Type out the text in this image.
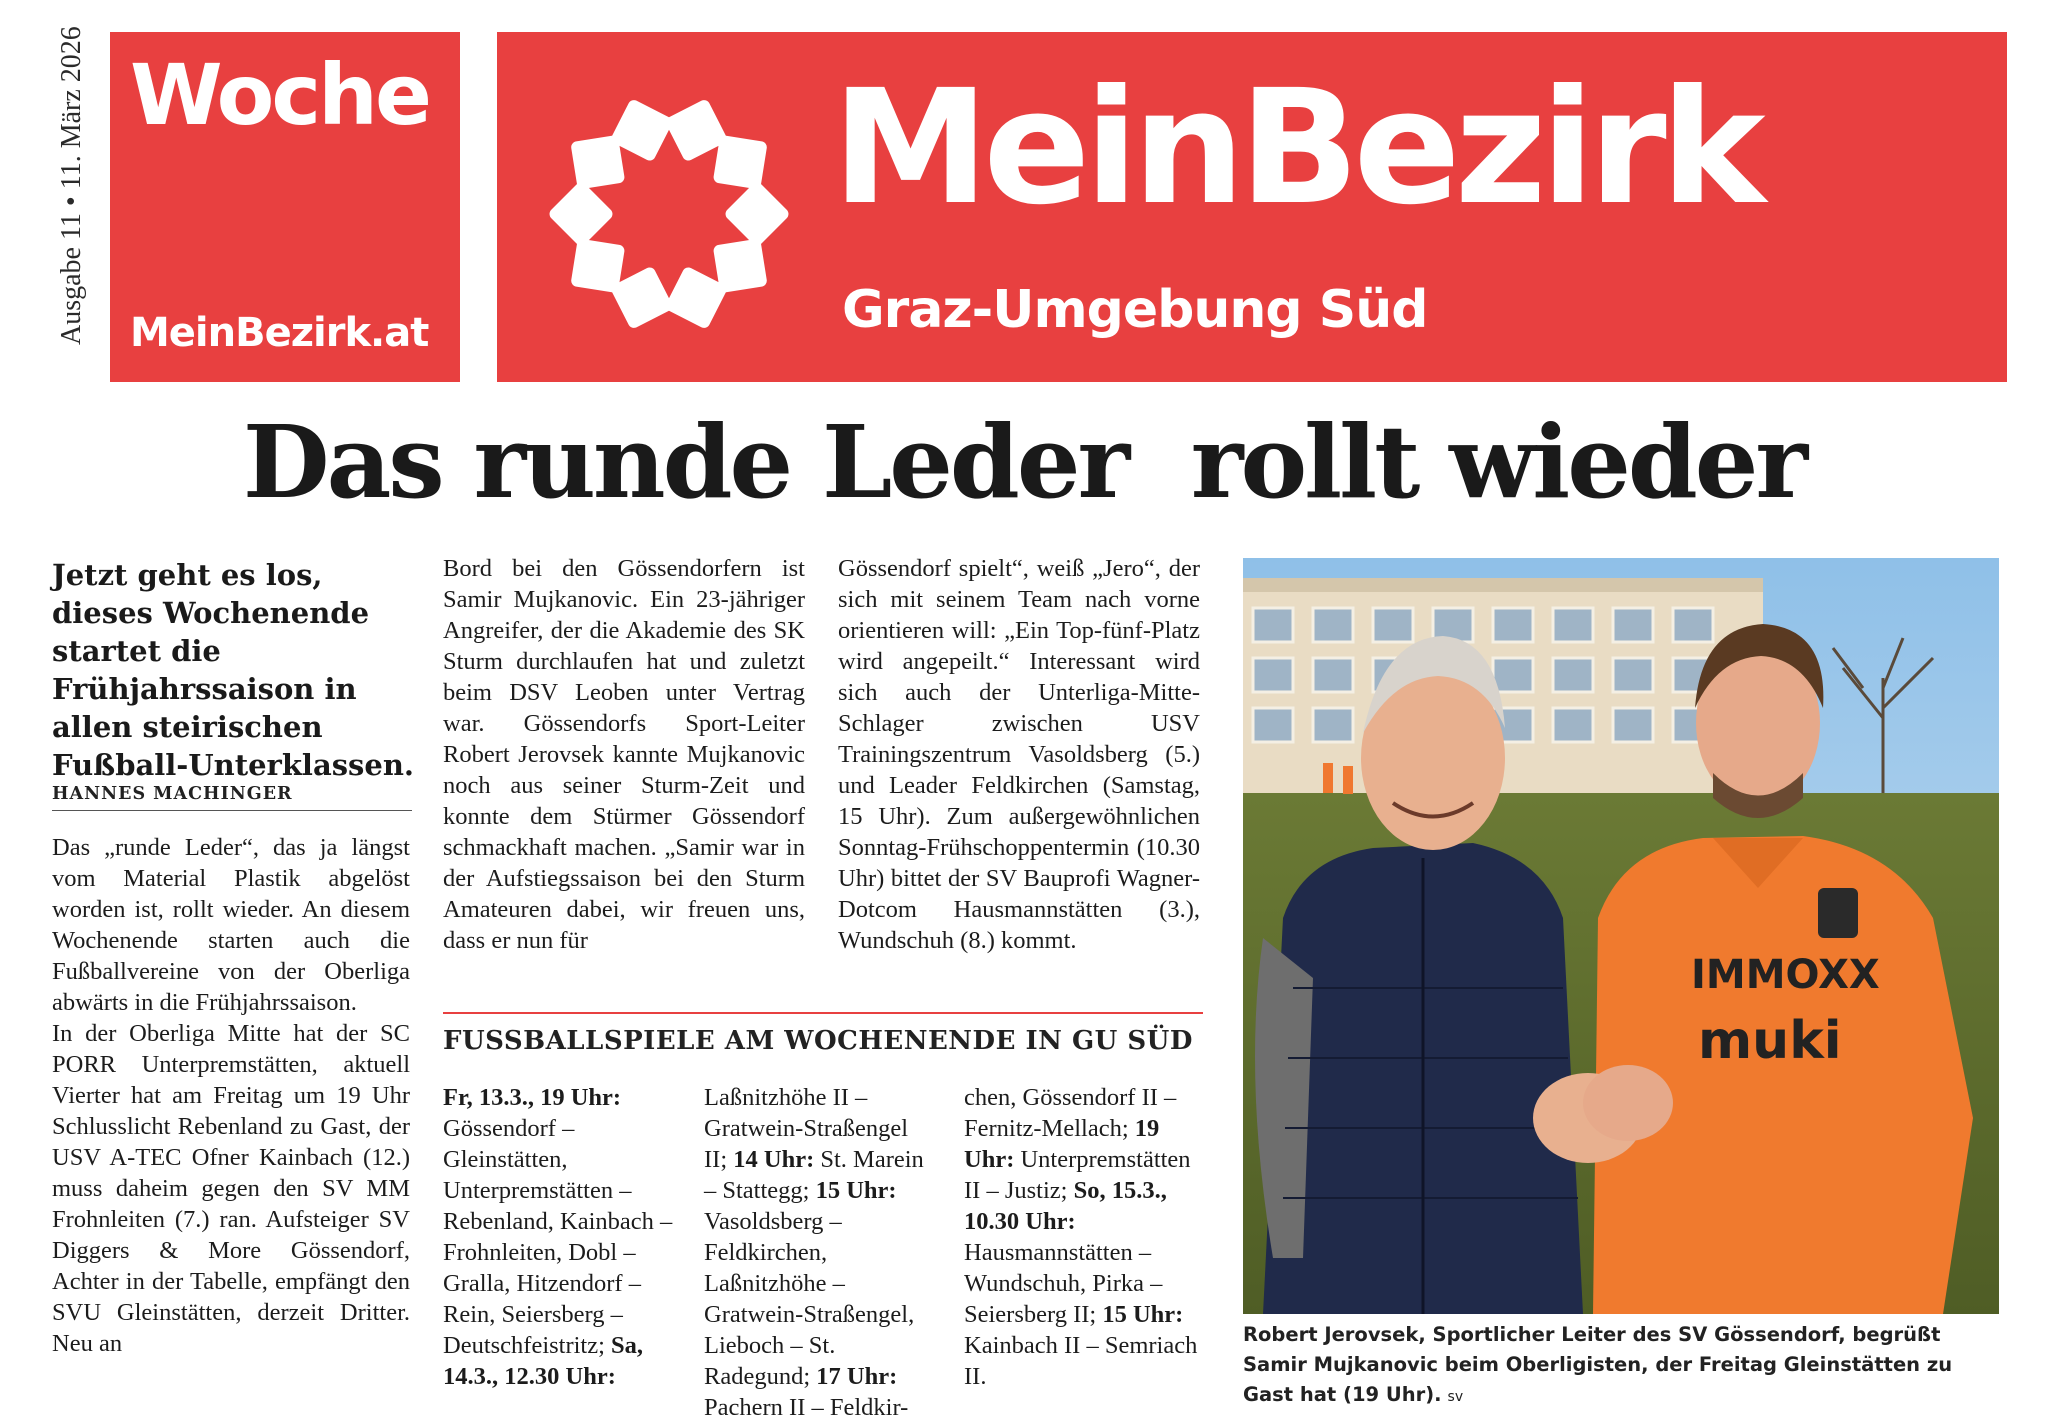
Ausgabe 11 • 11. März 2026 Woche
MeinBezirk.at
MeinBezirk
Graz-Umgebung Süd
Das runde Leder  rollt wieder
Jetzt geht es los, dieses Wochenende startet die Frühjahrssaison in allen steirischen Fußball-Unterklassen.
HANNES MACHINGER
Das „runde Leder“, das ja längst vom Material Plastik abgelöst worden ist, rollt wieder. An diesem Wochenende starten auch die Fußballvereine von der Oberliga abwärts in die Frühjahrssaison.
In der Oberliga Mitte hat der SC PORR Unterpremstätten, aktuell Vierter hat am Freitag um 19 Uhr Schlusslicht Rebenland zu Gast, der USV A-TEC Ofner Kainbach (12.) muss daheim gegen den SV MM Frohnleiten (7.) ran. Aufsteiger SV Diggers & More Gössendorf, Achter in der Tabelle, empfängt den SVU Gleinstätten, derzeit Dritter. Neu an
Bord bei den Gössendorfern ist Samir Mujkanovic. Ein 23-jähriger Angreifer, der die Akademie des SK Sturm durchlaufen hat und zuletzt beim DSV Leoben unter Vertrag war. Gössendorfs Sport-Leiter Robert Jerovsek kannte Mujkanovic noch aus seiner Sturm-Zeit und konnte dem Stürmer Gössendorf schmackhaft machen. „Samir war in der Aufstiegssaison bei den Sturm Amateuren dabei, wir freuen uns, dass er nun für
Gössendorf spielt“, weiß „Jero“, der sich mit seinem Team nach vorne orientieren will: „Ein Top-fünf-Platz wird angepeilt.“ Interessant wird sich auch der Unterliga-Mitte-Schlager zwischen USV Trainingszentrum Vasoldsberg (5.) und Leader Feldkirchen (Samstag, 15 Uhr). Zum außergewöhnlichen Sonntag-Frühschoppentermin (10.30 Uhr) bittet der SV Bauprofi Wagner-Dotcom Hausmannstätten (3.), Wundschuh (8.) kommt.
FUSSBALLSPIELE AM WOCHENENDE IN GU SÜD
Fr, 13.3., 19 Uhr: Gössendorf – Gleinstätten, Unterpremstätten – Rebenland, Kainbach – Frohnleiten, Dobl – Gralla, Hitzendorf – Rein, Seiersberg – Deutschfeistritz; Sa, 14.3., 12.30 Uhr:
Laßnitzhöhe II – Gratwein-Straßengel II; 14 Uhr: St. Marein – Stattegg; 15 Uhr: Vasoldsberg – Feldkirchen, Laßnitzhöhe – Gratwein-Straßengel, Lieboch – St. Radegund; 17 Uhr: Pachern II – Feldkir-
chen, Gössendorf II – Fernitz-Mellach; 19 Uhr: Unterpremstätten II – Justiz; So, 15.3., 10.30 Uhr: Hausmannstätten – Wundschuh, Pirka – Seiersberg II; 15 Uhr: Kainbach II – Semriach II.
IMMOXX
muki
Robert Jerovsek, Sportlicher Leiter des SV Gössendorf, begrüßt Samir Mujkanovic beim Oberligisten, der Freitag Gleinstätten zu Gast hat (19 Uhr). sv
